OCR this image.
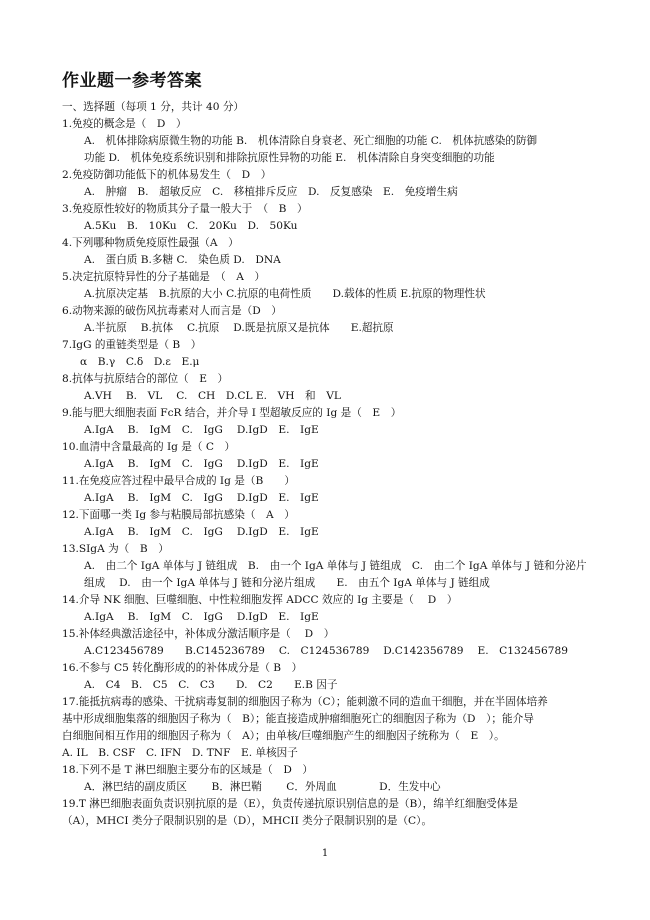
作业题一参考答案
一、选择题（每项 1 分，共计 40 分）
1.免疫的概念是（　D　）
A.　机体排除病原微生物的功能 B.　机体清除自身衰老、死亡细胞的功能 C.　机体抗感染的防御
功能 D.　机体免疫系统识别和排除抗原性异物的功能 E.　机体清除自身突变细胞的功能
2.免疫防御功能低下的机体易发生（　D　）
A.　肿瘤　B.　超敏反应　C.　移植排斥反应　D.　反复感染　E.　免疫增生病
3.免疫原性较好的物质其分子量一般大于　（　B　）
A.5Ku　B.　10Ku　C.　20Ku　D.　50Ku
4.下列哪种物质免疫原性最强（A　）
A.　蛋白质 B.多糖 C.　染色质 D.　DNA
5.决定抗原特异性的分子基础是　（　A　）
A.抗原决定基　B.抗原的大小 C.抗原的电荷性质　　D.载体的性质 E.抗原的物理性状
6.动物来源的破伤风抗毒素对人而言是（D　）
A.半抗原　 B.抗体　 C.抗原　 D.既是抗原又是抗体　　E.超抗原
7.IgG 的重链类型是（ B　）
α　B.γ　C.δ　D.ε　E.μ
8.抗体与抗原结合的部位（　E　）
A.VH　 B.　VL　 C.　CH　D.CL E.　VH　和　VL
9.能与肥大细胞表面 FcR 结合，并介导 I 型超敏反应的 Ig 是（　E　）
A.IgA　 B.　IgM　C.　IgG　 D.IgD　E.　IgE
10.血清中含量最高的 Ig 是（ C　）
A.IgA　 B.　IgM　C.　IgG　 D.IgD　E.　IgE
11.在免疫应答过程中最早合成的 Ig 是（B　　）
A.IgA　 B.　IgM　C.　IgG　 D.IgD　E.　IgE
12.下面哪一类 Ig 参与粘膜局部抗感染（　A　）
A.IgA　 B.　IgM　C.　IgG　 D.IgD　E.　IgE
13.SIgA 为（　B　）
A.　由二个 IgA 单体与 J 链组成　B.　由一个 IgA 单体与 J 链组成　C.　由二个 IgA 单体与 J 链和分泌片
组成　 D.　由一个 IgA 单体与 J 链和分泌片组成　　E.　由五个 IgA 单体与 J 链组成
14.介导 NK 细胞、巨噬细胞、中性粒细胞发挥 ADCC 效应的 Ig 主要是（　 D　）
A.IgA　 B.　IgM　C.　IgG　 D.IgD　E.　IgE
15.补体经典激活途径中，补体成分激活顺序是（　 D　）
A.C123456789　　B.C145236789　 C.　C124536789　 D.C142356789　 E.　C132456789
16.不参与 C5 转化酶形成的的补体成分是（ B　）
A.　C4　B.　C5　C.　C3　　D.　C2　　E.B 因子
17.能抵抗病毒的感染、干扰病毒复制的细胞因子称为（C）；能刺激不同的造血干细胞，并在半固体培养
基中形成细胞集落的细胞因子称为（　B）；能直接造成肿瘤细胞死亡的细胞因子称为（D　）；能介导
白细胞间相互作用的细胞因子称为（　A）；由单核/巨噬细胞产生的细胞因子统称为（　E　）。
A. IL　B. CSF　C. IFN　D. TNF　E. 单核因子
18.下列不是 T 淋巴细胞主要分布的区域是（　D　）
A．淋巴结的副皮质区　　 B．淋巴鞘　　 C．外周血　　　　D．生发中心
19.T 淋巴细胞表面负责识别抗原的是（E），负责传递抗原识别信息的是（B），绵羊红细胞受体是
（A），MHCI 类分子限制识别的是（D），MHCII 类分子限制识别的是（C）。
1
